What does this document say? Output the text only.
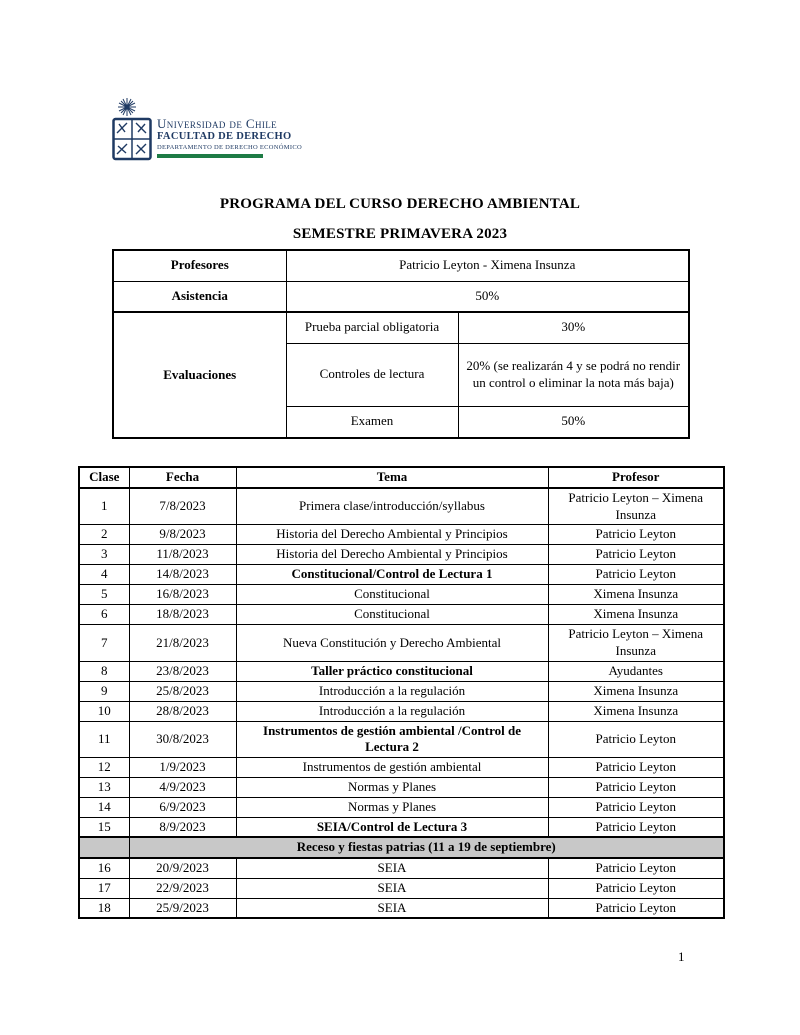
Universidad de Chile
FACULTAD DE DERECHO
DEPARTAMENTO DE DERECHO ECONÓMICO
PROGRAMA DEL CURSO DERECHO AMBIENTAL
SEMESTRE PRIMAVERA 2023
Profesores	Patricio Leyton - Ximena Insunza	
Asistencia	50%	
Evaluaciones	Prueba parcial obligatoria	30%
	Controles de lectura	20% (se realizarán 4 y se podrá no rendir un control o eliminar la nota más baja)
	Examen	50%
Clase	Fecha	Tema	Profesor
1	7/8/2023	Primera clase/introducción/syllabus	Patricio Leyton – Ximena Insunza
2	9/8/2023	Historia del Derecho Ambiental y Principios	Patricio Leyton
3	11/8/2023	Historia del Derecho Ambiental y Principios	Patricio Leyton
4	14/8/2023	Constitucional/Control de Lectura 1	Patricio Leyton
5	16/8/2023	Constitucional	Ximena Insunza
6	18/8/2023	Constitucional	Ximena Insunza
7	21/8/2023	Nueva Constitución y Derecho Ambiental	Patricio Leyton – Ximena Insunza
8	23/8/2023	Taller práctico constitucional	Ayudantes
9	25/8/2023	Introducción a la regulación	Ximena Insunza
10	28/8/2023	Introducción a la regulación	Ximena Insunza
11	30/8/2023	Instrumentos de gestión ambiental /Control de Lectura 2	Patricio Leyton
12	1/9/2023	Instrumentos de gestión ambiental	Patricio Leyton
13	4/9/2023	Normas y Planes	Patricio Leyton
14	6/9/2023	Normas y Planes	Patricio Leyton
15	8/9/2023	SEIA/Control de Lectura 3	Patricio Leyton
	Receso y fiestas patrias (11 a 19 de septiembre)		
16	20/9/2023	SEIA	Patricio Leyton
17	22/9/2023	SEIA	Patricio Leyton
18	25/9/2023	SEIA	Patricio Leyton
1
